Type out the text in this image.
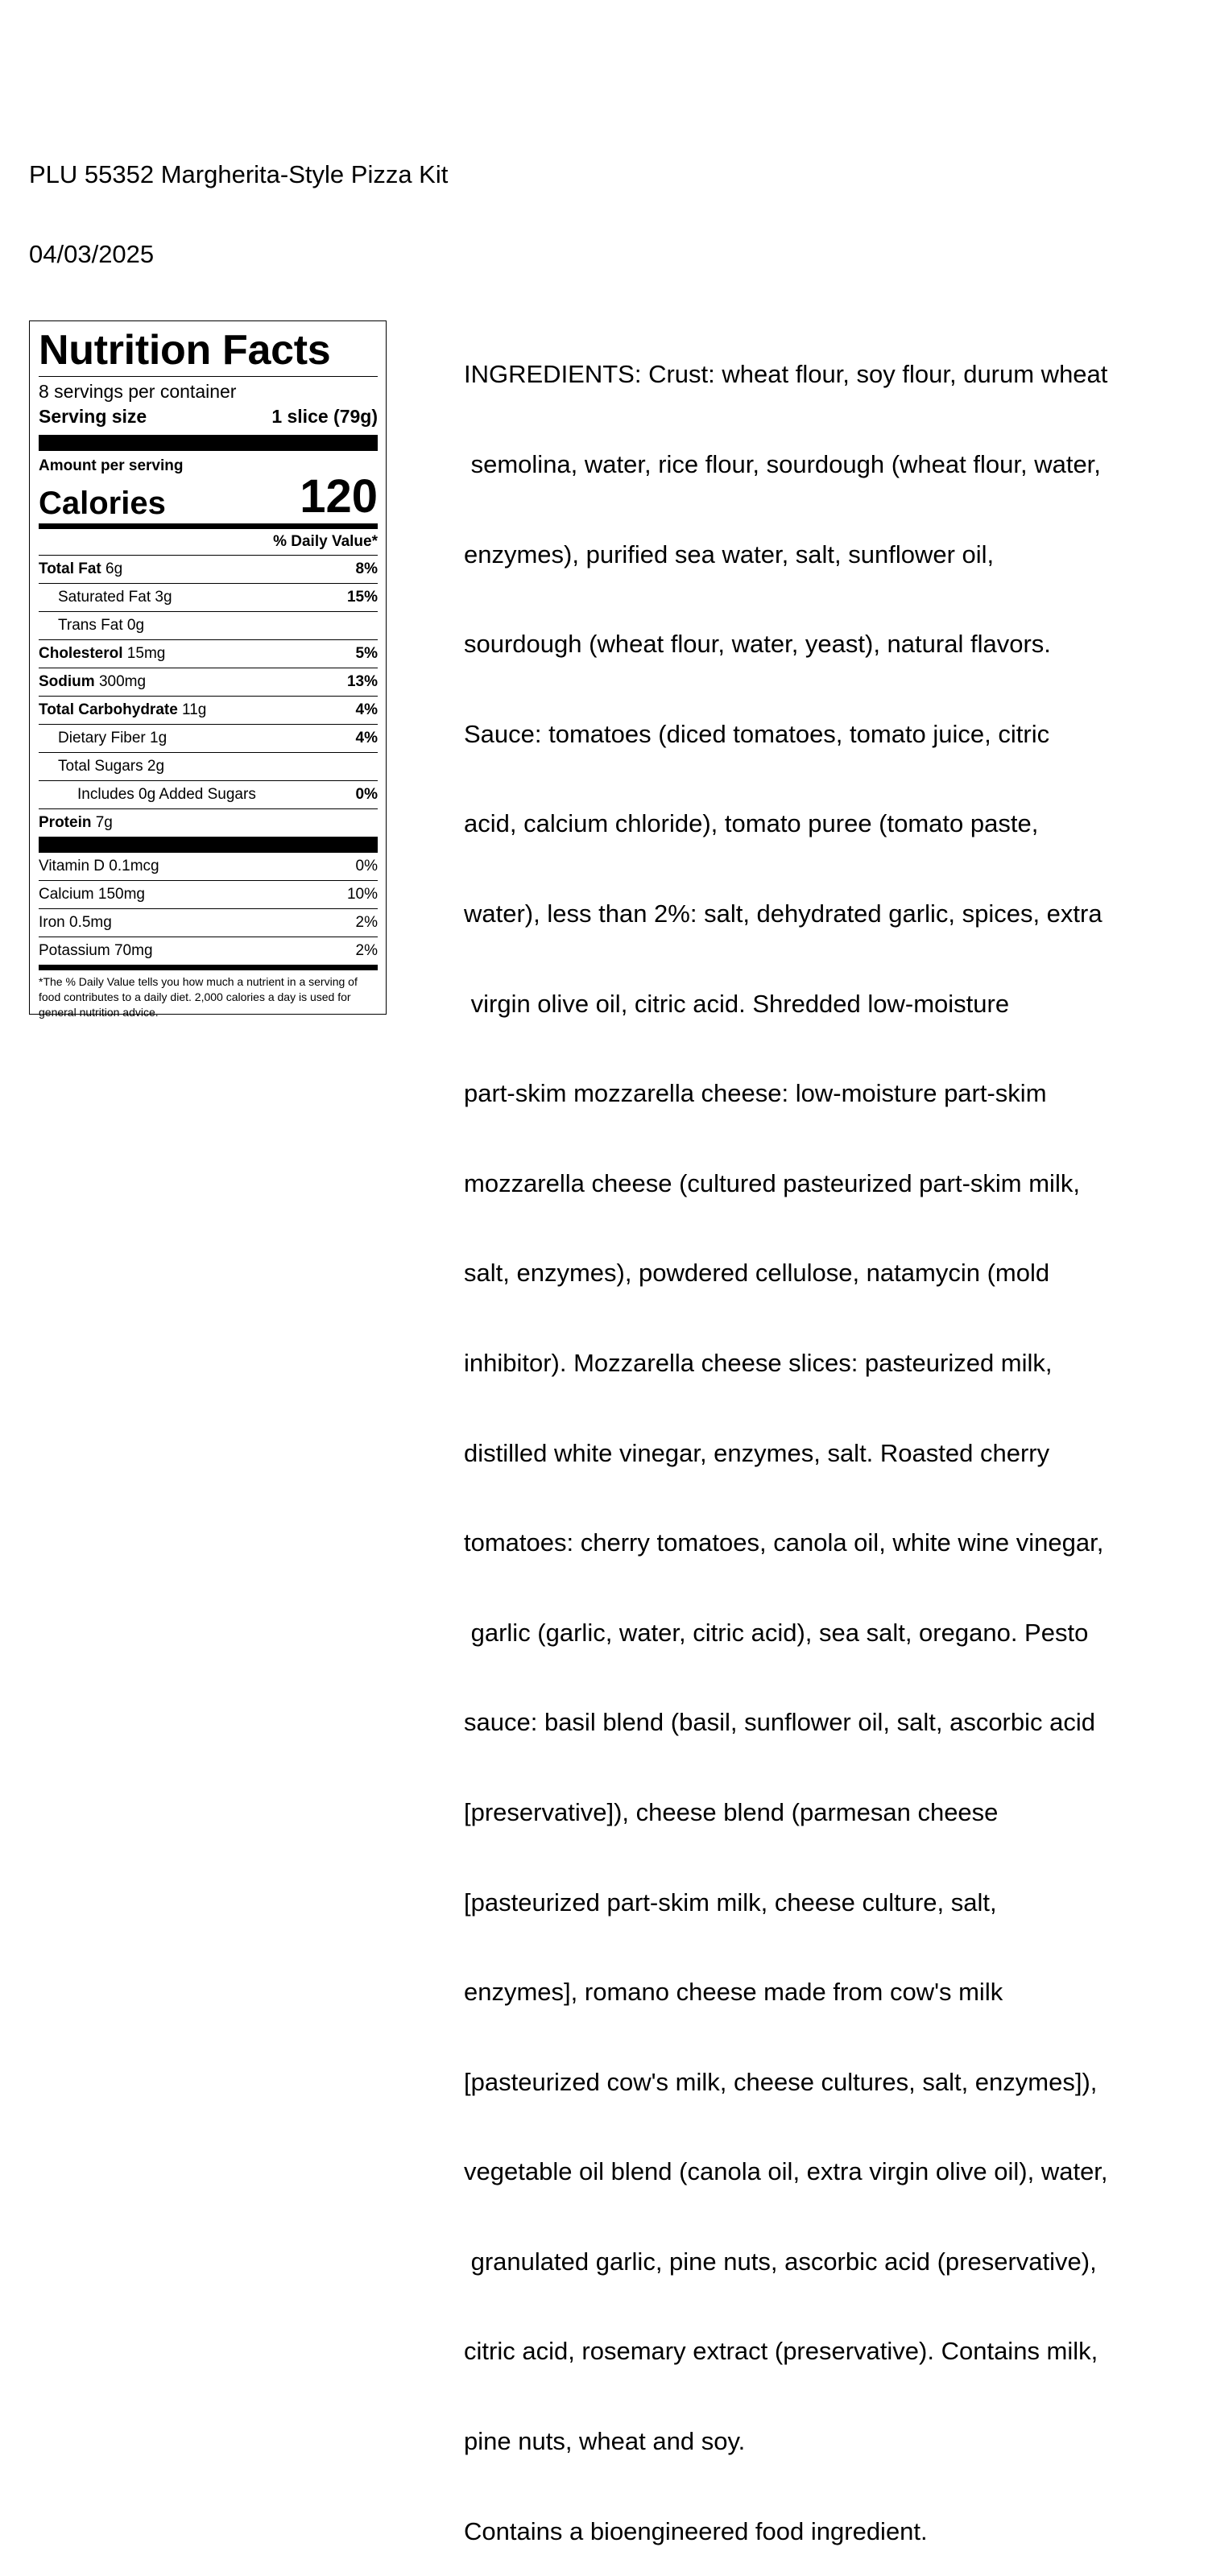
PLU 55352 Margherita-Style Pizza Kit
04/03/2025
Nutrition Facts
8 servings per container
Serving size	1 slice (79g)
Amount per serving
Calories	120
% Daily Value*
Total Fat 6g	8%
Saturated Fat 3g	15%
Trans Fat 0g
Cholesterol 15mg	5%
Sodium 300mg	13%
Total Carbohydrate 11g	4%
Dietary Fiber 1g	4%
Total Sugars 2g
Includes 0g Added Sugars	0%
Protein 7g
Vitamin D 0.1mcg	0%
Calcium 150mg	10%
Iron 0.5mg	2%
Potassium 70mg	2%
*The % Daily Value tells you how much a nutrient in a serving of food contributes to a daily diet. 2,000 calories a day is used for general nutrition advice.

INGREDIENTS: Crust: wheat flour, soy flour, durum wheat

semolina, water, rice flour, sourdough (wheat flour, water,

enzymes), purified sea water, salt, sunflower oil,

sourdough (wheat flour, water, yeast), natural flavors.

Sauce: tomatoes (diced tomatoes, tomato juice, citric

acid, calcium chloride), tomato puree (tomato paste,

water), less than 2%: salt, dehydrated garlic, spices, extra

virgin olive oil, citric acid. Shredded low-moisture

part-skim mozzarella cheese: low-moisture part-skim

mozzarella cheese (cultured pasteurized part-skim milk,

salt, enzymes), powdered cellulose, natamycin (mold

inhibitor). Mozzarella cheese slices: pasteurized milk,

distilled white vinegar, enzymes, salt. Roasted cherry

tomatoes: cherry tomatoes, canola oil, white wine vinegar,

garlic (garlic, water, citric acid), sea salt, oregano. Pesto

sauce: basil blend (basil, sunflower oil, salt, ascorbic acid

[preservative]), cheese blend (parmesan cheese

[pasteurized part-skim milk, cheese culture, salt,

enzymes], romano cheese made from cow's milk

[pasteurized cow's milk, cheese cultures, salt, enzymes]),

vegetable oil blend (canola oil, extra virgin olive oil), water,

granulated garlic, pine nuts, ascorbic acid (preservative),

citric acid, rosemary extract (preservative). Contains milk,

pine nuts, wheat and soy.

Contains a bioengineered food ingredient.
